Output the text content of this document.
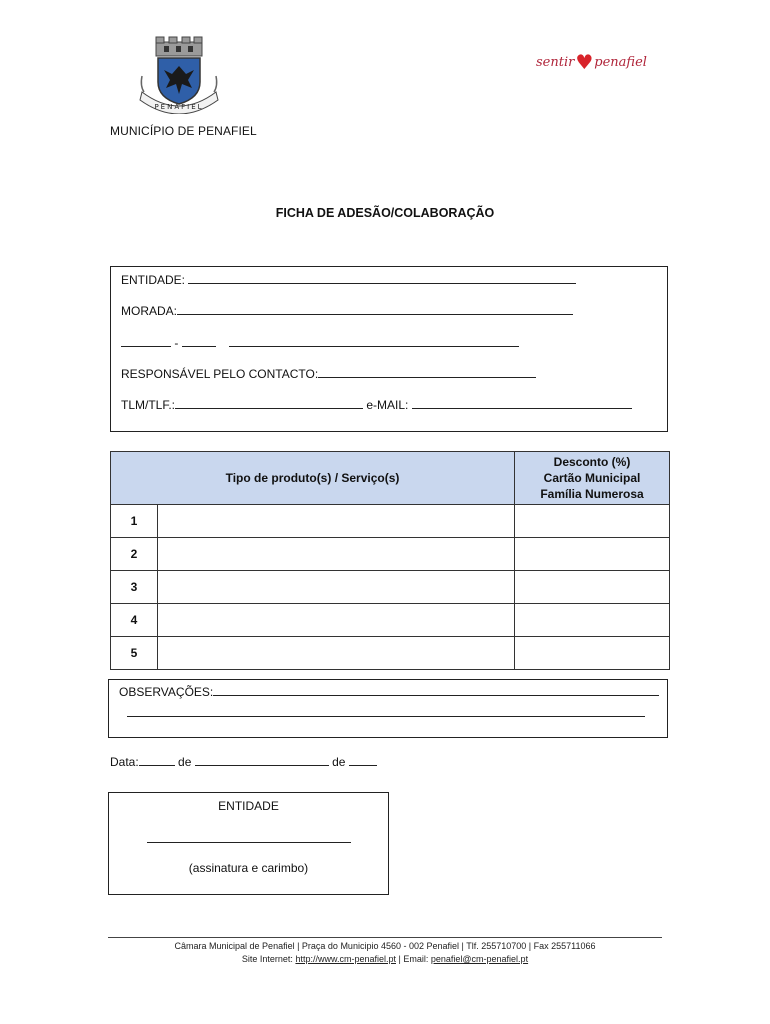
PENAFIEL
sentir♥penafiel
MUNICÍPIO DE PENAFIEL
FICHA DE ADESÃO/COLABORAÇÃO
ENTIDADE:
MORADA:
-
RESPONSÁVEL PELO CONTACTO:
TLM/TLF.:	e-MAIL:
Tipo de produto(s) / Serviço(s)		Desconto (%)
Cartão Municipal
Família Numerosa

1		
2		
3		
4		
5		
OBSERVAÇÕES:
Data:	de	de
ENTIDADE
(assinatura e carimbo)
Câmara Municipal de Penafiel | Praça do Municipio 4560 - 002 Penafiel | Tlf. 255710700 | Fax 255711066
Site Internet: http://www.cm-penafiel.pt | Email: penafiel@cm-penafiel.pt
